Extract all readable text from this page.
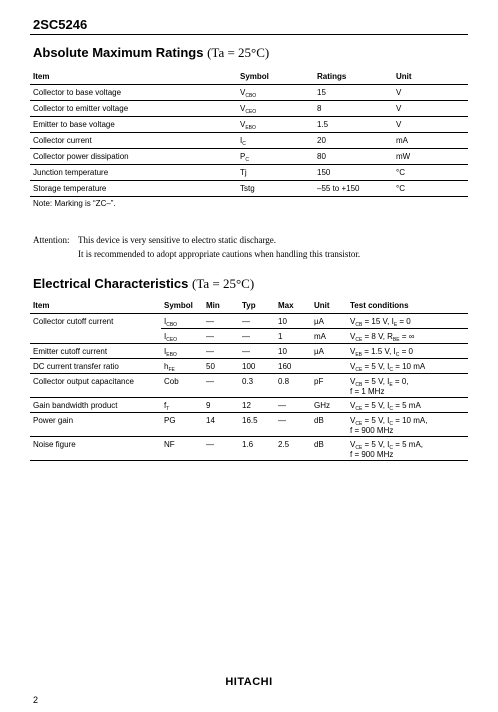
2SC5246
Absolute Maximum Ratings (Ta = 25°C)
Item	Symbol	Ratings	Unit
Collector to base voltage	$V_{CBO}$	15	V
Collector to emitter voltage	$V_{CEO}$	8	V
Emitter to base voltage	$V_{EBO}$	1.5	V
Collector current	$I_C$	20	mA
Collector power dissipation	$P_C$	80	mW
Junction temperature	Tj	150	°C
Storage temperature	Tstg	–55 to +150	°C
Note: Marking is “ZC–”.
Attention: This device is very sensitive to electro static discharge.
It is recommended to adopt appropriate cautions when handling this transistor.
Electrical Characteristics (Ta = 25°C)
Item	Symbol	Min	Typ	Max	Unit	Test conditions
Collector cutoff current	$I_{CBO}$	—	—	10	µA	$V_{CB} = 15$ V, $I_E = 0$

	$I_{CEO}$	—	—	1	mA	$V_{CE} = 8$ V, $R_{BE}$ = ∞

Emitter cutoff current	$I_{EBO}$	—	—	10	µA	$V_{EB} = 1.5$ V, $I_C = 0$

DC current transfer ratio	$h_{FE}$	50	100	160		$V_{CE} = 5$ V, $I_C = 10$ mA

Collector output capacitance	Cob	—	0.3	0.8	pF	$V_{CB} = 5$ V, $I_E = 0$,
f = 1 MHz

Gain bandwidth product	$f_T$	9	12	—	GHz	$V_{CE} = 5$ V, $I_C = 5$ mA

Power gain	PG	14	16.5	—	dB	$V_{CE} = 5$ V, $I_C = 10$ mA,
f = 900 MHz

Noise figure	NF	—	1.6	2.5	dB	$V_{CE} = 5$ V, $I_C = 5$ mA,
f = 900 MHz
HITACHI
2
